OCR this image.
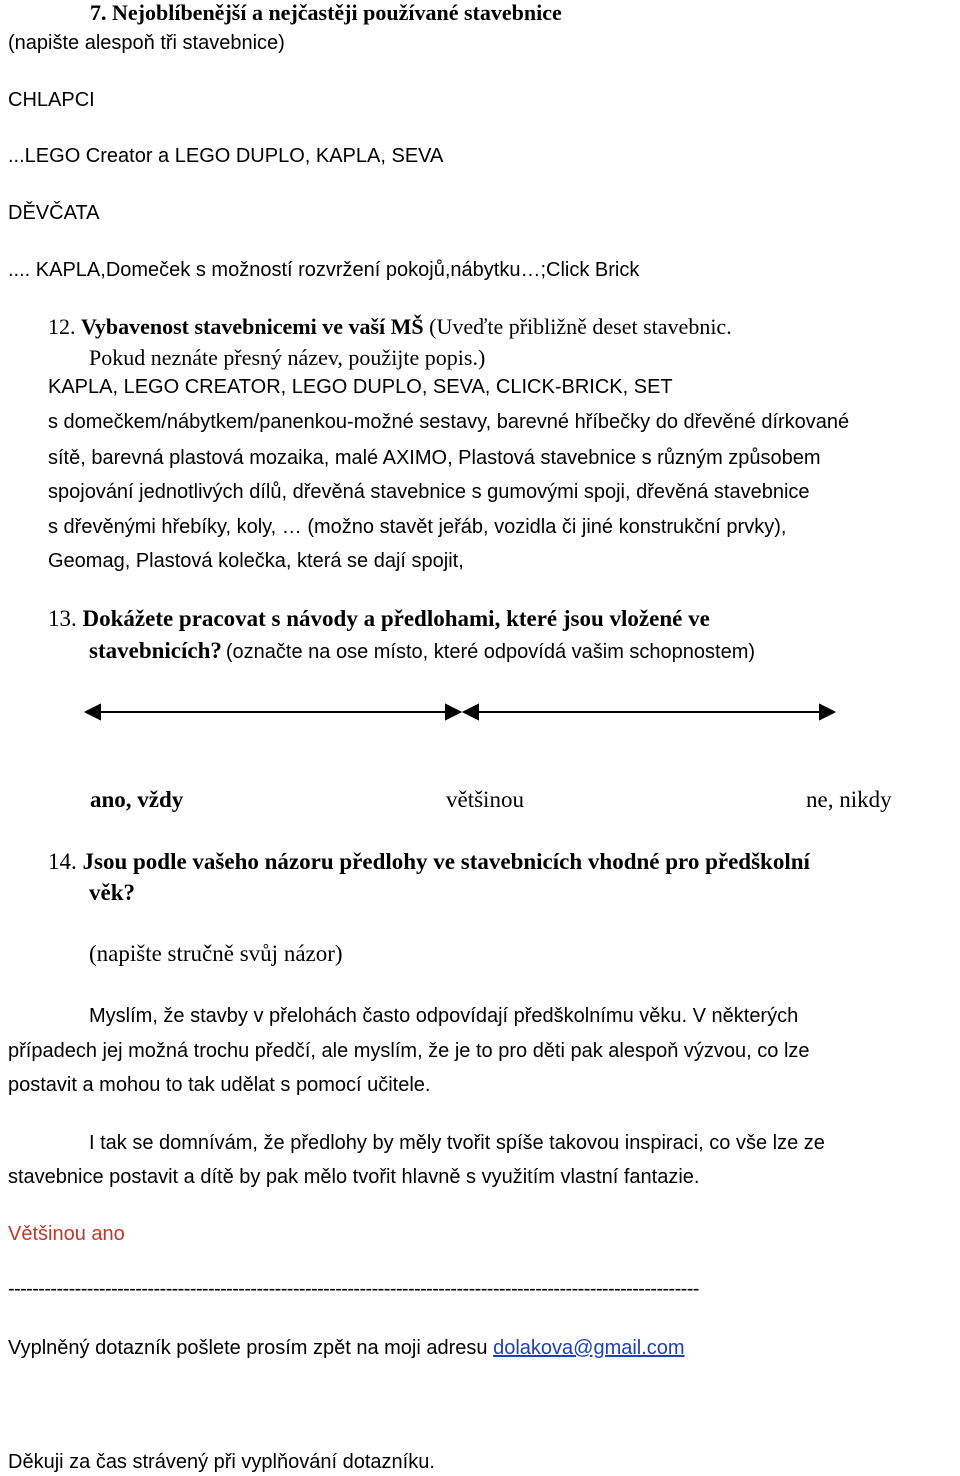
7. Nejoblíbenější a nejčastěji používané stavebnice
(napište alespoň tři stavebnice)
CHLAPCI
...LEGO Creator a LEGO DUPLO, KAPLA, SEVA
DĚVČATA
.... KAPLA,Domeček s možností rozvržení pokojů,nábytku…;Click Brick
12. Vybavenost stavebnicemi ve vaší MŠ (Uveďte přibližně deset stavebnic.
Pokud neznáte přesný název, použijte popis.)
KAPLA, LEGO CREATOR, LEGO DUPLO, SEVA, CLICK-BRICK, SET
s domečkem/nábytkem/panenkou-možné sestavy, barevné hříbečky do dřevěné dírkované
sítě, barevná plastová mozaika, malé AXIMO, Plastová stavebnice s různým způsobem
spojování jednotlivých dílů, dřevěná stavebnice s gumovými spoji, dřevěná stavebnice
s dřevěnými hřebíky, koly, … (možno stavět jeřáb, vozidla či jiné konstrukční prvky),
Geomag, Plastová kolečka, která se dají spojit,
13. Dokážete pracovat s návody a předlohami, které jsou vložené ve
stavebnicích? (označte na ose místo, které odpovídá vašim schopnostem)
ano, vždy	většinou	ne, nikdy
14. Jsou podle vašeho názoru předlohy ve stavebnicích vhodné pro předškolní
věk?
(napište stručně svůj názor)
Myslím, že stavby v přelohách často odpovídají předškolnímu věku. V některých
případech jej možná trochu předčí, ale myslím, že je to pro děti pak alespoň výzvou, co lze
postavit a mohou to tak udělat s pomocí učitele.
I tak se domnívám, že předlohy by měly tvořit spíše takovou inspiraci, co vše lze ze
stavebnice postavit a dítě by pak mělo tvořit hlavně s využitím vlastní fantazie.
Většinou ano
------------------------------------------------------------------------------------------------------------------
Vyplněný dotazník pošlete prosím zpět na moji adresu dolakova@gmail.com
Děkuji za čas strávený při vyplňování dotazníku.
